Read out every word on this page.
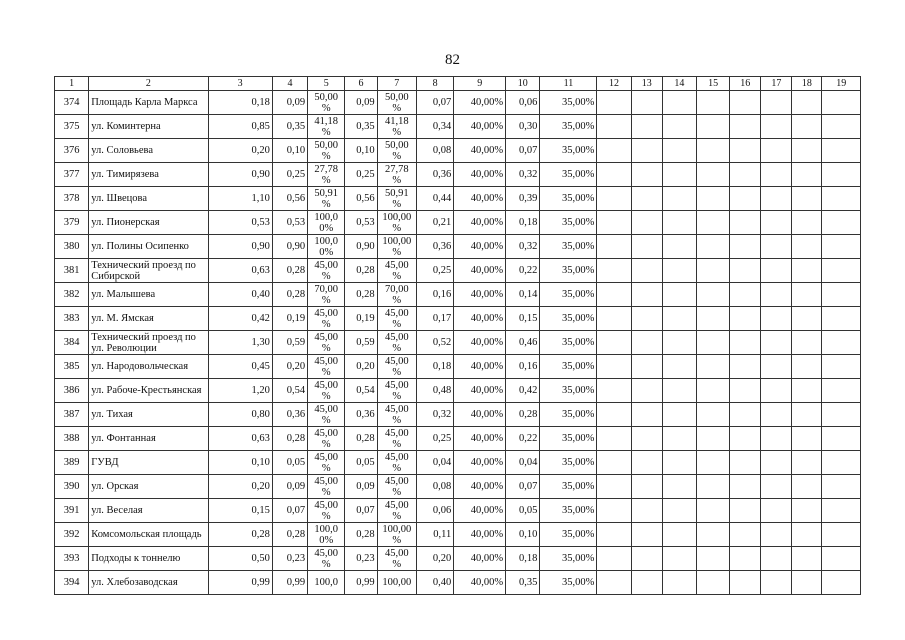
82
1	2	3	4	5	6	7	8	9	10	11	12	13	14	15	16	17	18	19
374	Площадь Карла Маркса	0,18	0,09	50,00 %	0,09	50,00 %	0,07	40,00%	0,06	35,00%								
375	ул. Коминтерна	0,85	0,35	41,18 %	0,35	41,18 %	0,34	40,00%	0,30	35,00%								
376	ул. Соловьева	0,20	0,10	50,00 %	0,10	50,00 %	0,08	40,00%	0,07	35,00%								
377	ул. Тимирязева	0,90	0,25	27,78 %	0,25	27,78 %	0,36	40,00%	0,32	35,00%								
378	ул. Швецова	1,10	0,56	50,91 %	0,56	50,91 %	0,44	40,00%	0,39	35,00%								
379	ул. Пионерская	0,53	0,53	100,0 0%	0,53	100,00 %	0,21	40,00%	0,18	35,00%								
380	ул. Полины Осипенко	0,90	0,90	100,0 0%	0,90	100,00 %	0,36	40,00%	0,32	35,00%								
381	Технический проезд по Сибирской	0,63	0,28	45,00 %	0,28	45,00 %	0,25	40,00%	0,22	35,00%								
382	ул. Малышева	0,40	0,28	70,00 %	0,28	70,00 %	0,16	40,00%	0,14	35,00%								
383	ул. М. Ямская	0,42	0,19	45,00 %	0,19	45,00 %	0,17	40,00%	0,15	35,00%								
384	Технический проезд по ул. Революции	1,30	0,59	45,00 %	0,59	45,00 %	0,52	40,00%	0,46	35,00%								
385	ул. Народовольческая	0,45	0,20	45,00 %	0,20	45,00 %	0,18	40,00%	0,16	35,00%								
386	ул. Рабоче-Крестьянская	1,20	0,54	45,00 %	0,54	45,00 %	0,48	40,00%	0,42	35,00%								
387	ул. Тихая	0,80	0,36	45,00 %	0,36	45,00 %	0,32	40,00%	0,28	35,00%								
388	ул. Фонтанная	0,63	0,28	45,00 %	0,28	45,00 %	0,25	40,00%	0,22	35,00%								
389	ГУВД	0,10	0,05	45,00 %	0,05	45,00 %	0,04	40,00%	0,04	35,00%								
390	ул. Орская	0,20	0,09	45,00 %	0,09	45,00 %	0,08	40,00%	0,07	35,00%								
391	ул. Веселая	0,15	0,07	45,00 %	0,07	45,00 %	0,06	40,00%	0,05	35,00%								
392	Комсомольская площадь	0,28	0,28	100,0 0%	0,28	100,00 %	0,11	40,00%	0,10	35,00%								
393	Подходы к тоннелю	0,50	0,23	45,00 %	0,23	45,00 %	0,20	40,00%	0,18	35,00%								
394	ул. Хлебозаводская	0,99	0,99	100,0	0,99	100,00	0,40	40,00%	0,35	35,00%								
